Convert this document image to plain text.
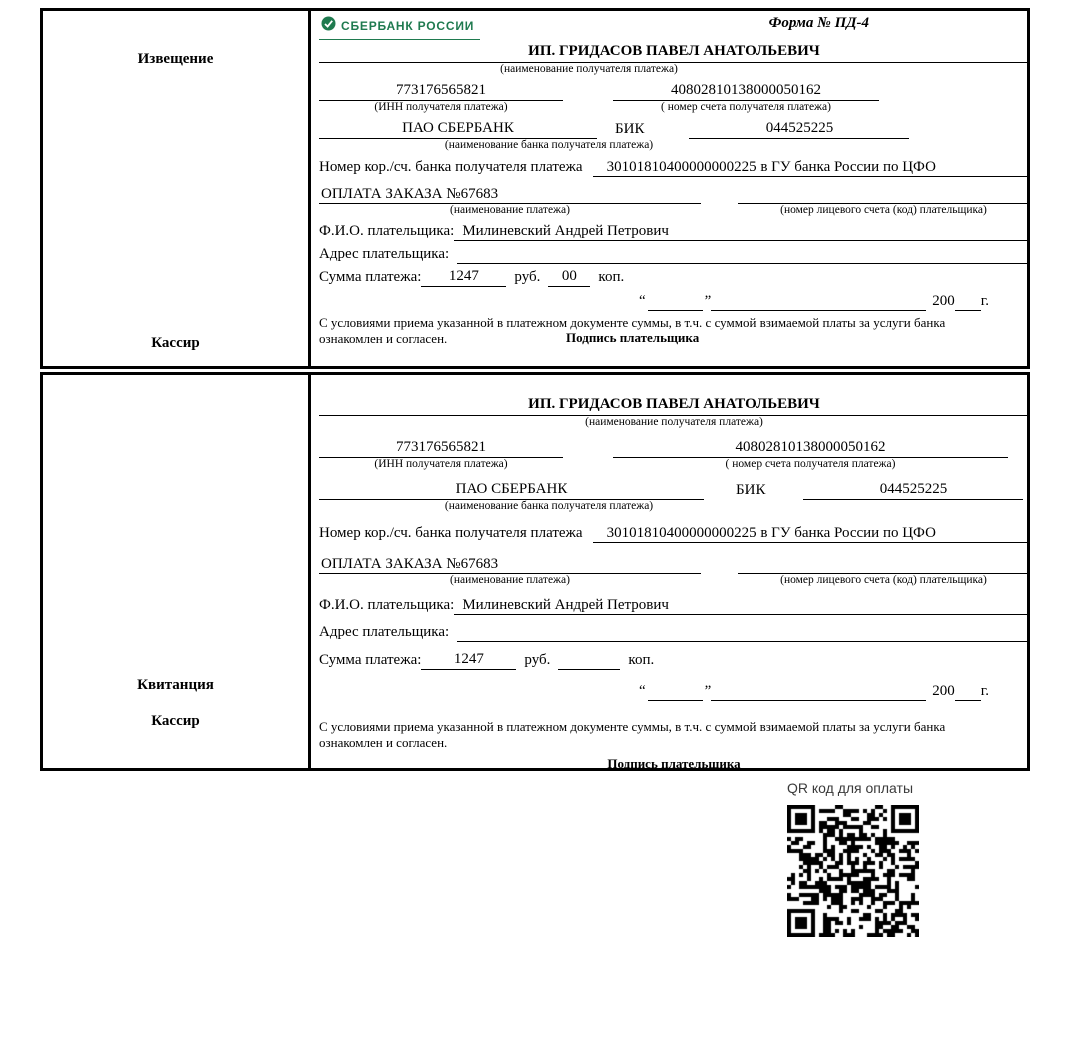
Извещение
Кассир
СБЕРБАНК РОССИИ	Форма № ПД-4
ИП. ГРИДАСОВ ПАВЕЛ АНАТОЛЬЕВИЧ
(наименование получателя платежа)
773176565821
(ИНН получателя платежа)
40802810138000050162
( номер счета получателя платежа)
ПАО СБЕРБАНК	БИК	044525225
(наименование банка получателя платежа)
Номер кор./сч. банка получателя платежа	30101810400000000225 в ГУ банка России по ЦФО
ОПЛАТА ЗАКАЗА №67683
(наименование платежа)	(номер лицевого счета (код) плательщика)
Ф.И.О. плательщика: Милиневский Андрей Петрович
Адрес плательщика:
Сумма платежа:	1247	руб.	00	коп.
“	”	200 г.

С условиями приема указанной в платежном документе суммы, в т.ч. с суммой взимаемой платы за услуги банка ознакомлен и согласен.	Подпись плательщика
Квитанция
Кассир
ИП. ГРИДАСОВ ПАВЕЛ АНАТОЛЬЕВИЧ
(наименование получателя платежа)
773176565821
(ИНН получателя платежа)
40802810138000050162
( номер счета получателя платежа)
ПАО СБЕРБАНК	БИК	044525225
(наименование банка получателя платежа)
Номер кор./сч. банка получателя платежа	30101810400000000225 в ГУ банка России по ЦФО
ОПЛАТА ЗАКАЗА №67683
(наименование платежа)	(номер лицевого счета (код) плательщика)
Ф.И.О. плательщика: Милиневский Андрей Петрович
Адрес плательщика:
Сумма платежа:	1247	руб.	коп.
“	”	200 г.

С условиями приема указанной в платежном документе суммы, в т.ч. с суммой взимаемой платы за услуги банка ознакомлен и согласен.

Подпись плательщика
QR код для оплаты
